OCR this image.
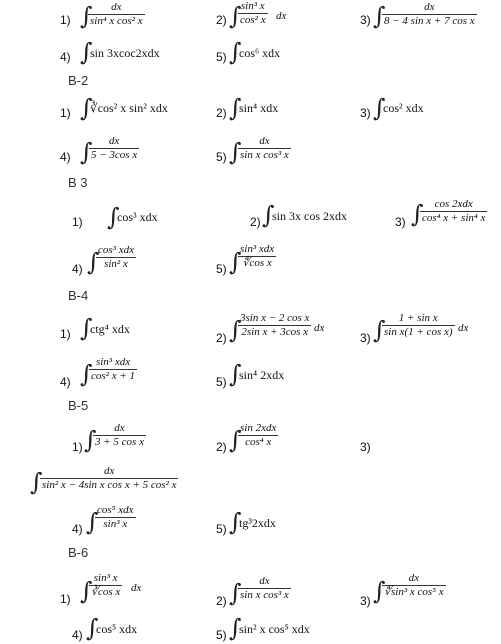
1) ∫	dx
sin⁴ x cos² x	2) ∫ sin³ x
cos² x dx	3) ∫	dx
8 − 4 sin x + 7 cos x
4) ∫
sin 3xcoc2xdx	5) ∫
cos⁶ xdx
B-2
1) ∫
∛cos² x sin² xdx	2) ∫
sin⁴ xdx	3) ∫
cos² xdx
4) ∫	dx
5 − 3cos x	5) ∫	dx
sin x cos³ x
B 3
1) ∫
cos³ xdx	2) ∫
sin 3x cos 2xdx	3) ∫	cos 2xdx
cos⁴ x + sin⁴ x
4) ∫
cos³ xdx
sin² x	5) ∫
sin³ xdx
∜cos x
B-4
1) ∫
ctg⁴ xdx
2) ∫
3sin x − 2 cos x
2sin x + 3cos x dx
3) ∫	1 + sin x
sin x(1 + cos x) dx
4) ∫ sin³ xdx
cos² x + 1	5) ∫
sin⁴ 2xdx
B-5
1) ∫	dx
3 + 5 cos x	2) ∫
sin 2xdx
cos⁴ x	3)
∫	dx
sin² x − 4sin x cos x + 5 cos² x
4) ∫
cos⁵ xdx
sin³ x	5) ∫
tg³2xdx
B-6
1) ∫ sin³ x
∛cos x dx
2) ∫	dx
sin x cos³ x	3) ∫	dx
∜sin³ x cos⁵ x
4) ∫
cos⁵ xdx	5) ∫
sin² x cos⁵ xdx
